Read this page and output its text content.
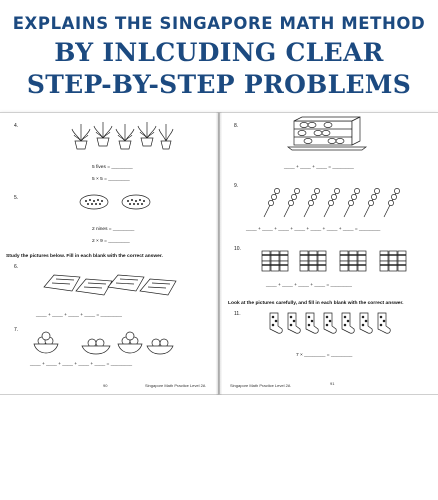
EXPLAINS THE SINGAPORE MATH METHOD
BY INLCUDING CLEAR
STEP-BY-STEP PROBLEMS
4.
5 fives = ________
5 × 5 = ________
5.
2 nines = ________
2 × 9 = ________
Study the pictures below. Fill in each blank with the correct answer.
6.
____ + ____ + ____ + ____ = ________
7.
____ + ____ + ____ + ____ + ____ = ________
90	Singapore Math Practice Level 2A
8.
____ + ____ + ____ = ________
9.
____ + ____ + ____ + ____ + ____ + ____ + ____ = ________
10.
____ + ____ + ____ + ____ = ________
Look at the pictures carefully, and fill in each blank with the correct answer.
11.
7 × ________ = ________
Singapore Math Practice Level 2A	91
